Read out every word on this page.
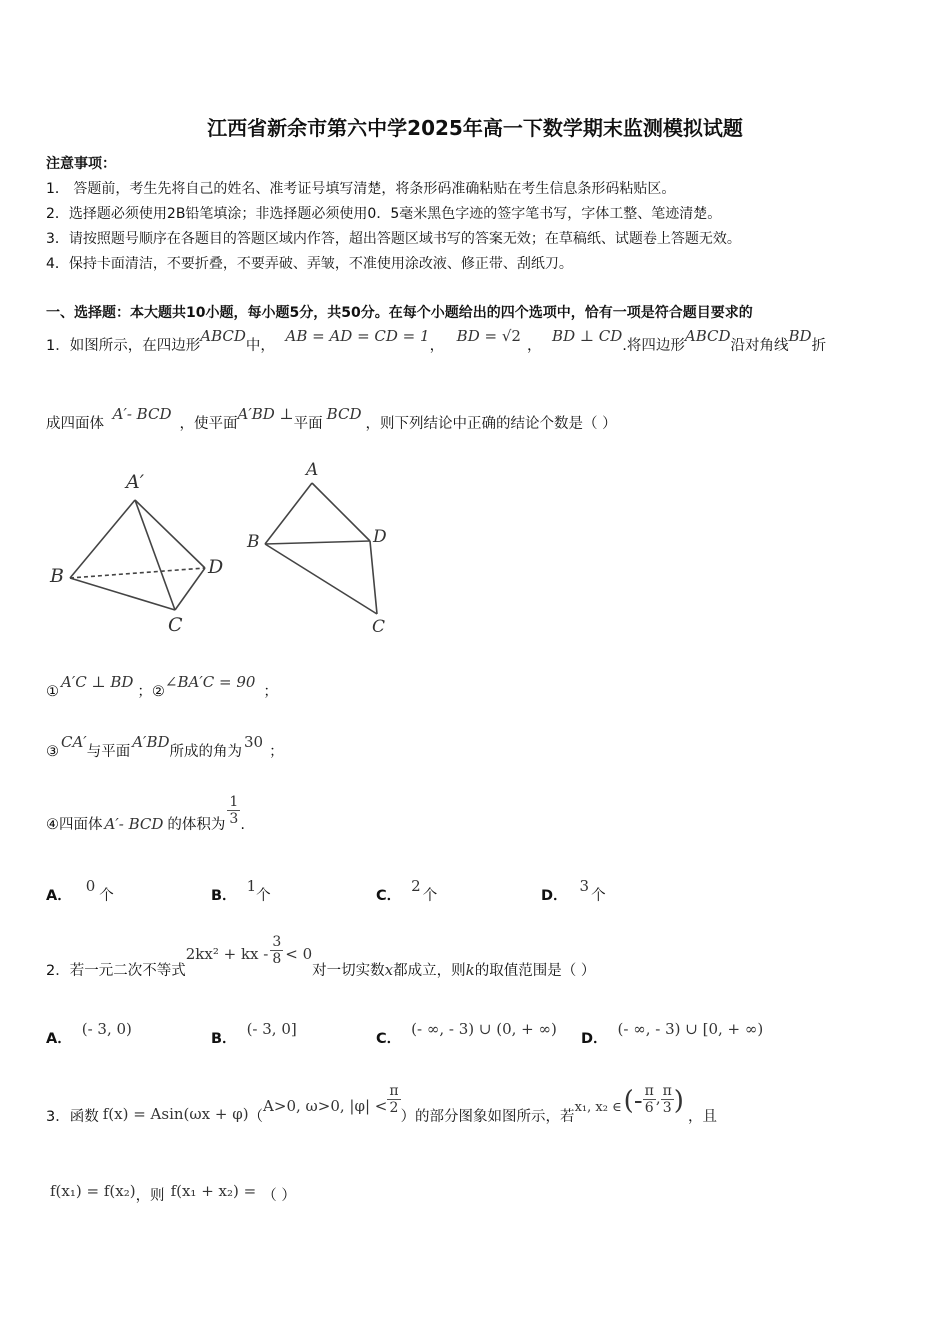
江西省新余市第六中学2025年高一下数学期末监测模拟试题
注意事项：
1． 答题前，考生先将自己的姓名、准考证号填写清楚，将条形码准确粘贴在考生信息条形码粘贴区。
2．选择题必须使用2B铅笔填涂；非选择题必须使用0．5毫米黑色字迹的签字笔书写，字体工整、笔迹清楚。
3．请按照题号顺序在各题目的答题区域内作答，超出答题区域书写的答案无效；在草稿纸、试题卷上答题无效。
4．保持卡面清洁，不要折叠，不要弄破、弄皱，不准使用涂改液、修正带、刮纸刀。
一、选择题：本大题共10小题，每小题5分，共50分。在每个小题给出的四个选项中，恰有一项是符合题目要求的
1．如图所示，在四边形ABCD中， AB = AD = CD = 1， BD = √2， BD ⊥ CD.将四边形ABCD沿对角线BD折
成四面体 A′- BCD，使平面A′BD ⊥平面BCD，则下列结论中正确的结论个数是（ ）
A′
B
C
D
A
B
C
D
①A′C ⊥ BD；②∠BA′C = 90；
③CA′与平面A′BD所成的角为30；
④四面体 A′- BCD 的体积为 $\frac{1}{3}$ .
A．0个	B．1个	C．2个	D．3个
2．若一元二次不等式2kx² + kx - $\frac{3}{8} < 0$对一切实数x都成立，则k的取值范围是（ ）
A．(- 3, 0)
B．(- 3, 0]
C．(- ∞, - 3) ∪ (0, + ∞)
D．(- ∞, - 3) ∪ [0, + ∞)
3．函数 f(x) = Asin(ωx + φ)（A>0, ω>0, $|\varphi| < \frac{\pi}{2}$
）的部分图象如图所示，若x₁, x₂ ∈(- $\frac{\pi}{6}$ , $\frac{\pi}{3}$ )，且
f(x₁) = f(x₂)，则 f(x₁ + x₂) = （ ）
